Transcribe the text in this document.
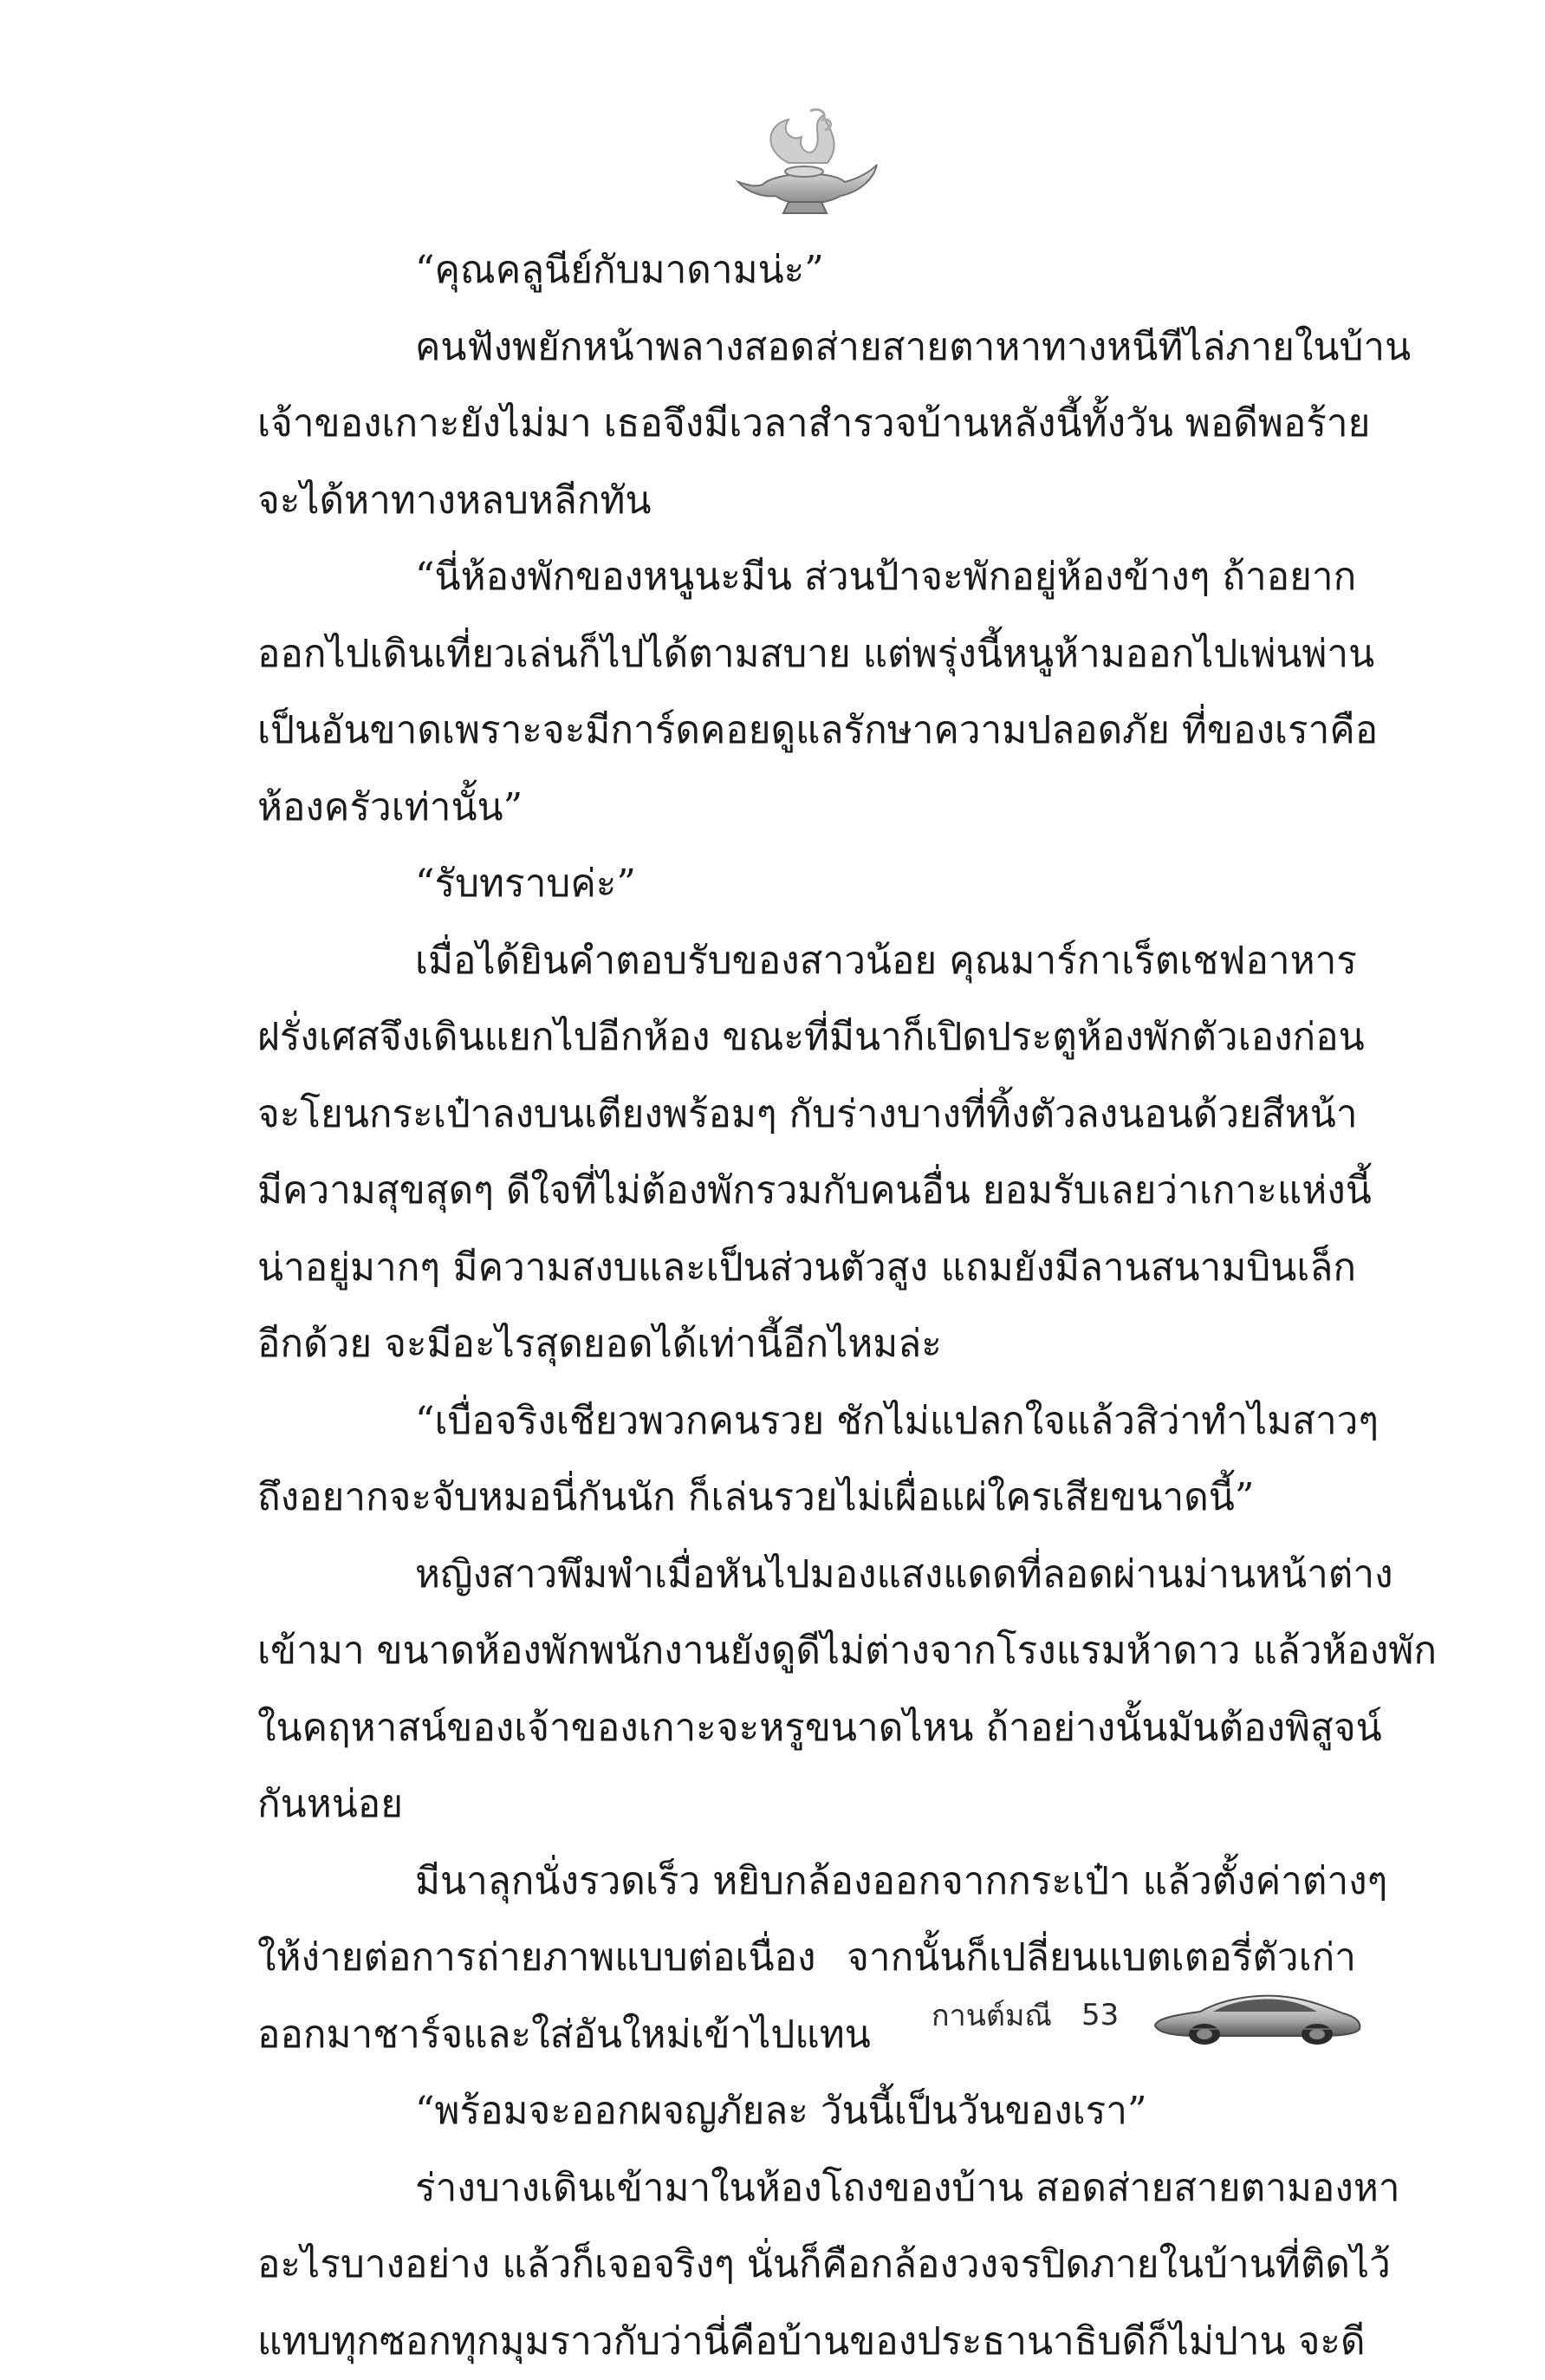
“คุณคลูนีย์กับมาดามน่ะ”
คนฟังพยักหน้าพลางสอดส่ายสายตาหาทางหนีทีไล่ภายในบ้าน
เจ้าของเกาะยังไม่มา เธอจึงมีเวลาสำรวจบ้านหลังนี้ทั้งวัน พอดีพอร้าย
จะได้หาทางหลบหลีกทัน
“นี่ห้องพักของหนูนะมีน ส่วนป้าจะพักอยู่ห้องข้างๆ ถ้าอยาก
ออกไปเดินเที่ยวเล่นก็ไปได้ตามสบาย แต่พรุ่งนี้หนูห้ามออกไปเพ่นพ่าน
เป็นอันขาดเพราะจะมีการ์ดคอยดูแลรักษาความปลอดภัย ที่ของเราคือ
ห้องครัวเท่านั้น”
“รับทราบค่ะ”
เมื่อได้ยินคำตอบรับของสาวน้อย คุณมาร์กาเร็ตเชฟอาหาร
ฝรั่งเศสจึงเดินแยกไปอีกห้อง ขณะที่มีนาก็เปิดประตูห้องพักตัวเองก่อน
จะโยนกระเป๋าลงบนเตียงพร้อมๆ กับร่างบางที่ทิ้งตัวลงนอนด้วยสีหน้า
มีความสุขสุดๆ ดีใจที่ไม่ต้องพักรวมกับคนอื่น ยอมรับเลยว่าเกาะแห่งนี้
น่าอยู่มากๆ มีความสงบและเป็นส่วนตัวสูง แถมยังมีลานสนามบินเล็ก
อีกด้วย จะมีอะไรสุดยอดได้เท่านี้อีกไหมล่ะ
“เบื่อจริงเชียวพวกคนรวย ชักไม่แปลกใจแล้วสิว่าทำไมสาวๆ
ถึงอยากจะจับหมอนี่กันนัก ก็เล่นรวยไม่เผื่อแผ่ใครเสียขนาดนี้”
หญิงสาวพึมพำเมื่อหันไปมองแสงแดดที่ลอดผ่านม่านหน้าต่าง
เข้ามา ขนาดห้องพักพนักงานยังดูดีไม่ต่างจากโรงแรมห้าดาว แล้วห้องพัก
ในคฤหาสน์ของเจ้าของเกาะจะหรูขนาดไหน ถ้าอย่างนั้นมันต้องพิสูจน์
กันหน่อย
มีนาลุกนั่งรวดเร็ว หยิบกล้องออกจากกระเป๋า แล้วตั้งค่าต่างๆ
ให้ง่ายต่อการถ่ายภาพแบบต่อเนื่อง จากนั้นก็เปลี่ยนแบตเตอรี่ตัวเก่า
ออกมาชาร์จและใส่อันใหม่เข้าไปแทน
“พร้อมจะออกผจญภัยละ วันนี้เป็นวันของเรา”
ร่างบางเดินเข้ามาในห้องโถงของบ้าน สอดส่ายสายตามองหา
อะไรบางอย่าง แล้วก็เจอจริงๆ นั่นก็คือกล้องวงจรปิดภายในบ้านที่ติดไว้
แทบทุกซอกทุกมุมราวกับว่านี่คือบ้านของประธานาธิบดีก็ไม่ปาน จะดี
กานต์มณี 53
